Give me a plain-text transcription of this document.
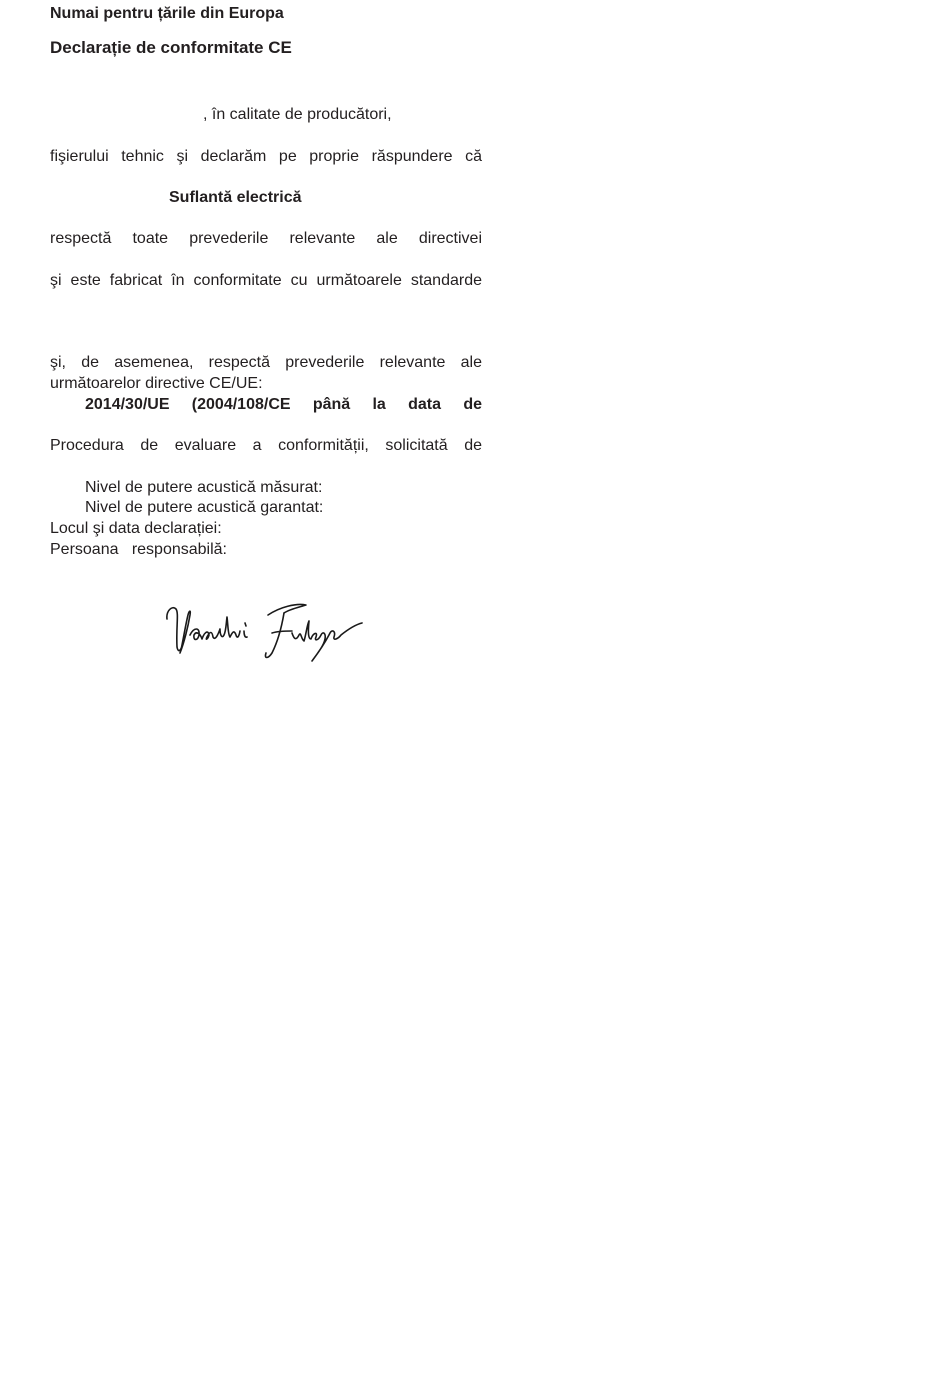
Numai pentru țările din Europa
Declarație de conformitate CE
, în calitate de producători,
fişierului tehnic şi declarăm pe proprie răspundere că
Suflantă electrică
respectă toate prevederile relevante ale directivei
şi este fabricat în conformitate cu următoarele standarde
şi, de asemenea, respectă prevederile relevante ale
următoarelor directive CE/UE:
2014/30/UE (2004/108/CE până la data de
Procedura de evaluare a conformității, solicitată de
Nivel de putere acustică măsurat:
Nivel de putere acustică garantat:
Locul şi data declarației:
Persoana   responsabilă:
